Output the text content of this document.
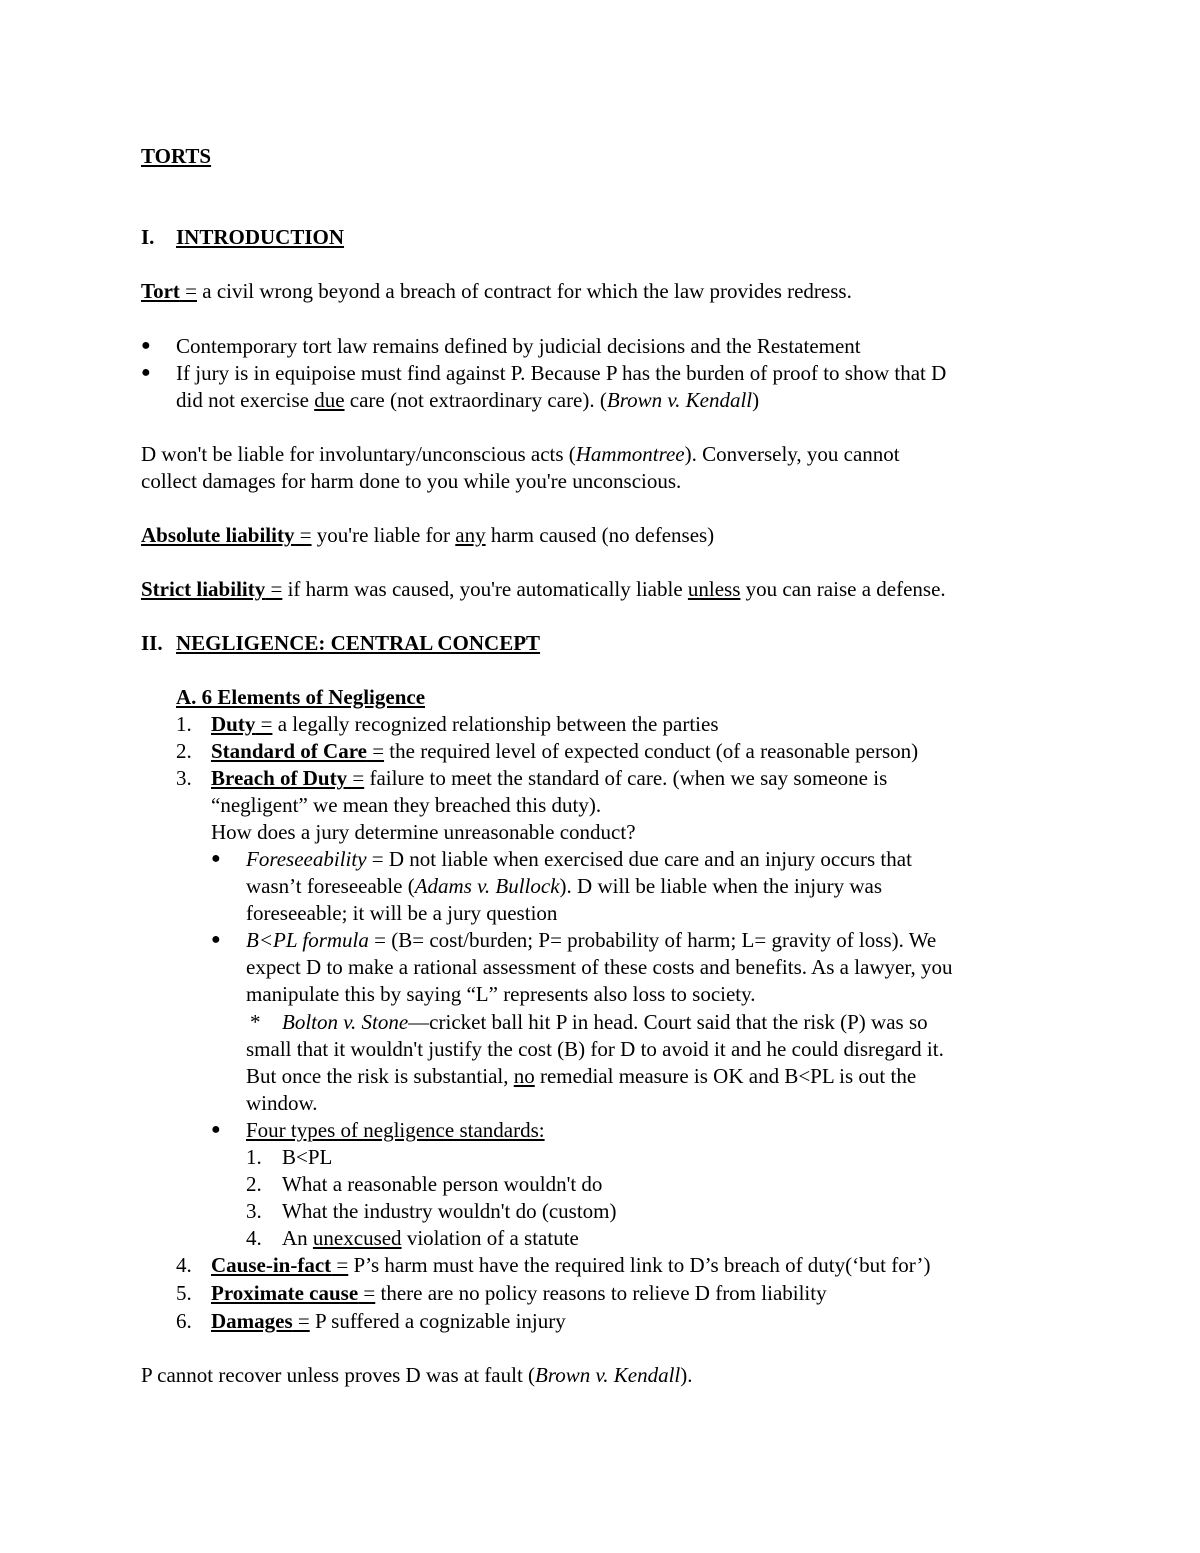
TORTS
I. INTRODUCTION
Tort = a civil wrong beyond a breach of contract for which the law provides redress.
● Contemporary tort law remains defined by judicial decisions and the Restatement
● If jury is in equipoise must find against P. Because P has the burden of proof to show that D
did not exercise due care (not extraordinary care). (Brown v. Kendall)
D won't be liable for involuntary/unconscious acts (Hammontree). Conversely, you cannot
collect damages for harm done to you while you're unconscious.
Absolute liability = you're liable for any harm caused (no defenses)
Strict liability = if harm was caused, you're automatically liable unless you can raise a defense.
II. NEGLIGENCE: CENTRAL CONCEPT
A. 6 Elements of Negligence
1. Duty = a legally recognized relationship between the parties
2. Standard of Care = the required level of expected conduct (of a reasonable person)
3. Breach of Duty = failure to meet the standard of care. (when we say someone is
“negligent” we mean they breached this duty).
How does a jury determine unreasonable conduct?
● Foreseeability = D not liable when exercised due care and an injury occurs that
wasn’t foreseeable (Adams v. Bullock). D will be liable when the injury was
foreseeable; it will be a jury question
● B<PL formula = (B= cost/burden; P= probability of harm; L= gravity of loss). We
expect D to make a rational assessment of these costs and benefits. As a lawyer, you
manipulate this by saying “L” represents also loss to society.
* Bolton v. Stone—cricket ball hit P in head. Court said that the risk (P) was so
small that it wouldn't justify the cost (B) for D to avoid it and he could disregard it.
But once the risk is substantial, no remedial measure is OK and B<PL is out the
window.
● Four types of negligence standards:
1. B<PL
2. What a reasonable person wouldn't do
3. What the industry wouldn't do (custom)
4. An unexcused violation of a statute
4. Cause-in-fact = P’s harm must have the required link to D’s breach of duty(‘but for’)
5. Proximate cause = there are no policy reasons to relieve D from liability
6. Damages = P suffered a cognizable injury
P cannot recover unless proves D was at fault (Brown v. Kendall).
